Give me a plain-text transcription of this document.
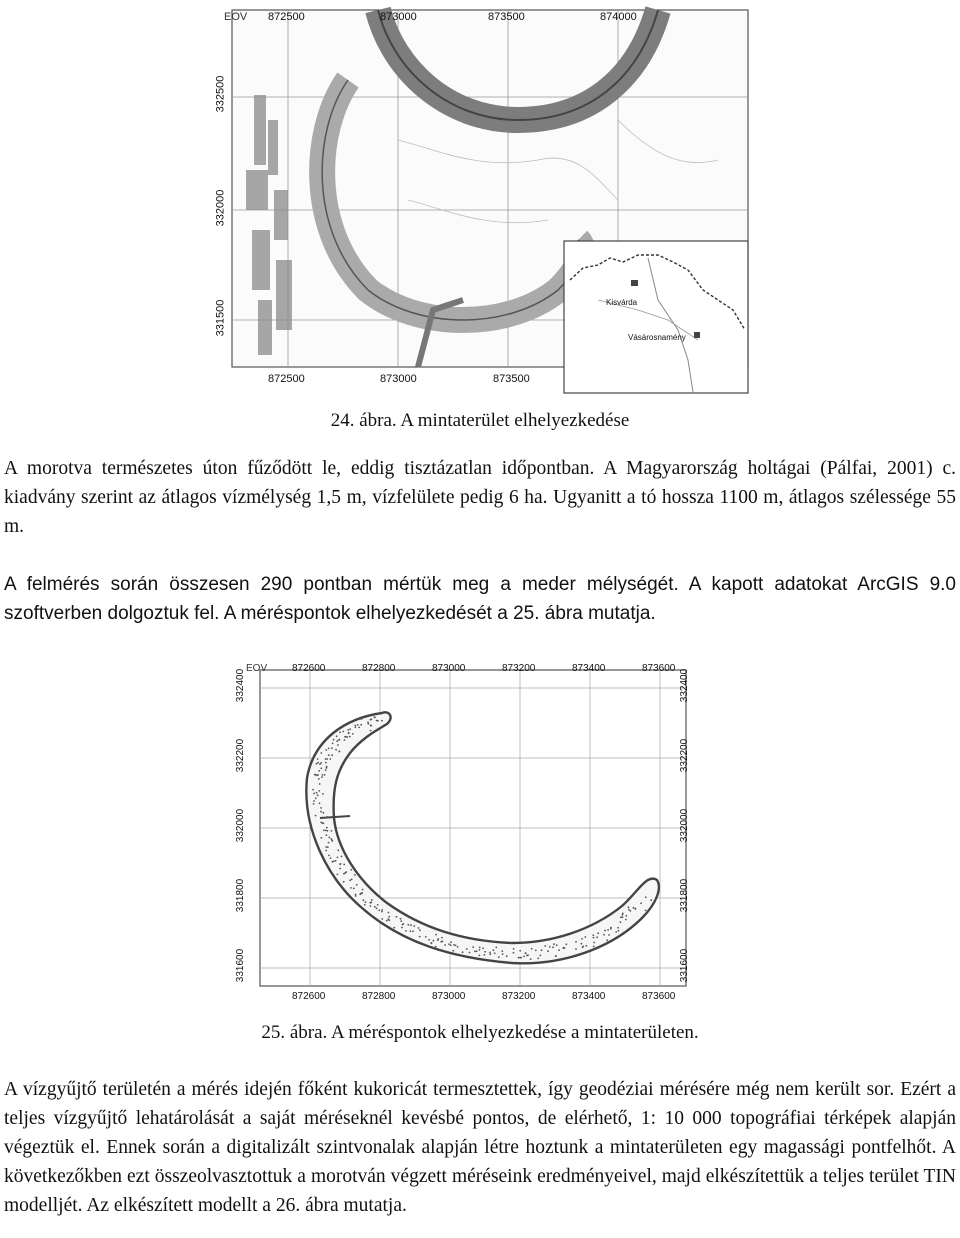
EOV 872500	873000	873500	874000
872500	873000	873500
332500
332000
331500	Kisvárda
Vásárosnamény
24. ábra. A mintaterület elhelyezkedése

A morotva természetes úton fűződött le, eddig tisztázatlan időpontban. A Magyarország holtágai (Pálfai, 2001) c. kiadvány szerint az átlagos vízmélység 1,5 m, vízfelülete pedig 6 ha. Ugyanitt a tó hossza 1100 m, átlagos szélessége 55 m.

A felmérés során összesen 290 pontban mértük meg a meder mélységét. A kapott adatokat ArcGIS 9.0 szoftverben dolgoztuk fel. A méréspontok elhelyezkedését a 25. ábra mutatja.

EOV 872600	872800	873000	873200	873400	873600
872600	872800	873000	873200	873400	873600
332400
332200
332000
331800
331600
332400
332200
332000
331800
331600
25. ábra. A méréspontok elhelyezkedése a mintaterületen.

A vízgyűjtő területén a mérés idején főként kukoricát termesztettek, így geodéziai mérésére még nem került sor. Ezért a teljes vízgyűjtő lehatárolását a saját méréseknél kevésbé pontos, de elérhető, 1: 10 000 topográfiai térképek alapján végeztük el. Ennek során a digitalizált szintvonalak alapján létre hoztunk a mintaterületen egy magassági pontfelhőt. A következőkben ezt összeolvasztottuk a morotván végzett méréseink eredményeivel, majd elkészítettük a teljes terület TIN modelljét. Az elkészített modellt a 26. ábra mutatja.
